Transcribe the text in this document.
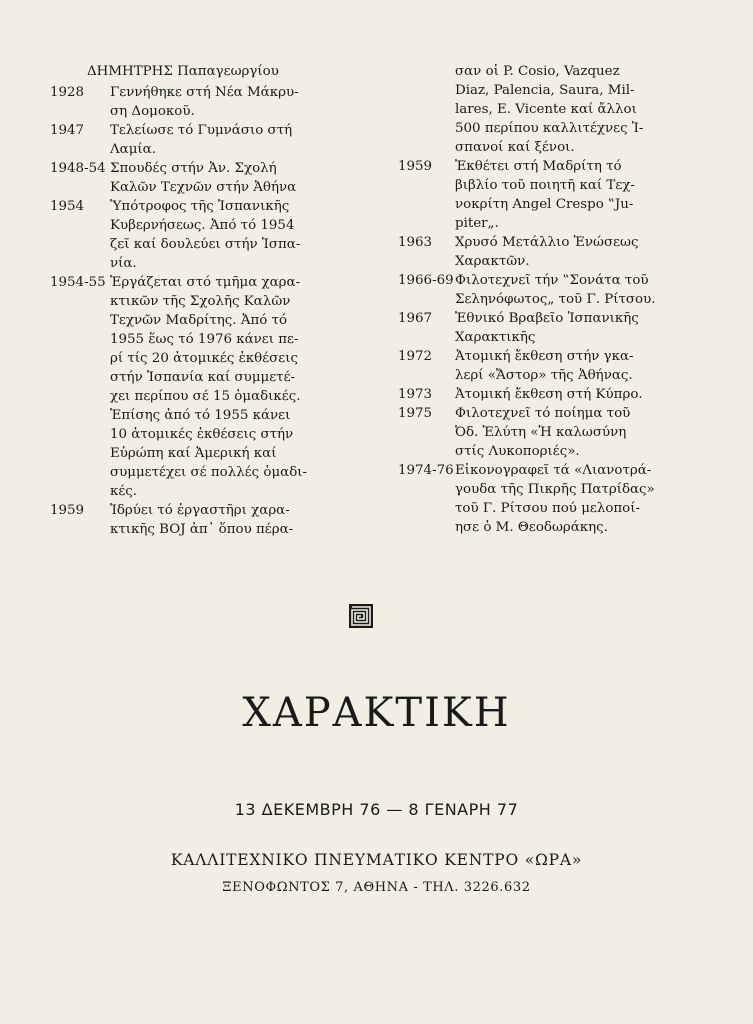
ΔΗΜΗΤΡΗΣ Παπαγεωργίου
1928	Γεννήθηκε στή Νέα Μάκρυ-
ση Δομοκοῦ.
1947	Τελείωσε τό Γυμνάσιο στή
Λαμία.
1948-54 Σπουδές στήν Ἀν. Σχολή
Καλῶν Τεχνῶν στήν Ἀθήνα
1954	Ὑπότροφος τῆς Ἰσπανικῆς
Κυβερνήσεως. Ἀπό τό 1954
ζεῖ καί δουλεύει στήν Ἰσπα-
νία.
1954-55 Ἐργάζεται στό τμῆμα χαρα-
κτικῶν τῆς Σχολῆς Καλῶν
Τεχνῶν Μαδρίτης. Ἀπό τό
1955 ἕως τό 1976 κάνει πε-
ρί τίς 20 ἀτομικές ἐκθέσεις
στήν Ἰσπανία καί συμμετέ-
χει περίπου σέ 15 ὁμαδικές.
Ἐπίσης ἀπό τό 1955 κάνει
10 ἀτομικές ἐκθέσεις στήν
Εὐρώπη καί Ἀμερική καί
συμμετέχει σέ πολλές ὁμαδι-
κές.
1959	Ἱδρύει τό ἐργαστῆρι χαρα-
κτικῆς BOJ ἀπ᾽ ὅπου πέρα-
σαν οἱ P. Cosio, Vazquez
Diaz, Palencia, Saura, Mil-
lares, E. Vicente καί ἄλλοι
500 περίπου καλλιτέχνες Ἰ-
σπανοί καί ξένοι.
1959	Ἐκθέτει στή Μαδρίτη τό
βιβλίο τοῦ ποιητῆ καί Τεχ-
νοκρίτη Angel Crespo ‟Ju-
piter„.
1963	Χρυσό Μετάλλιο Ἑνώσεως
Χαρακτῶν.
1966-69 Φιλοτεχνεῖ τήν ‟Σονάτα τοῦ
Σεληνόφωτος„ τοῦ Γ. Ρίτσου.
1967	Ἐθνικό Βραβεῖο Ἰσπανικῆς
Χαρακτικῆς
1972	Ἀτομική ἔκθεση στήν γκα-
λερί «Ἄστορ» τῆς Ἀθήνας.
1973	Ἀτομική ἔκθεση στή Κύπρο.
1975	Φιλοτεχνεῖ τό ποίημα τοῦ
Ὀδ. Ἐλύτη «Ἡ καλωσύνη
στίς Λυκοποριές».
1974-76 Εἰκονογραφεῖ τά «Λιανοτρά-
γουδα τῆς Πικρῆς Πατρίδας»
τοῦ Γ. Ρίτσου πού μελοποί-
ησε ὁ Μ. Θεοδωράκης.
ΧΑΡΑΚΤΙΚΗ
13 ΔΕΚΕΜΒΡΗ 76 — 8 ΓΕΝΑΡΗ 77
ΚΑΛΛΙΤΕΧΝΙΚΟ ΠΝΕΥΜΑΤΙΚΟ ΚΕΝΤΡΟ «ΩΡΑ»
ΞΕΝΟΦΩΝΤΟΣ 7, ΑΘΗΝΑ - ΤΗΛ. 3226.632
